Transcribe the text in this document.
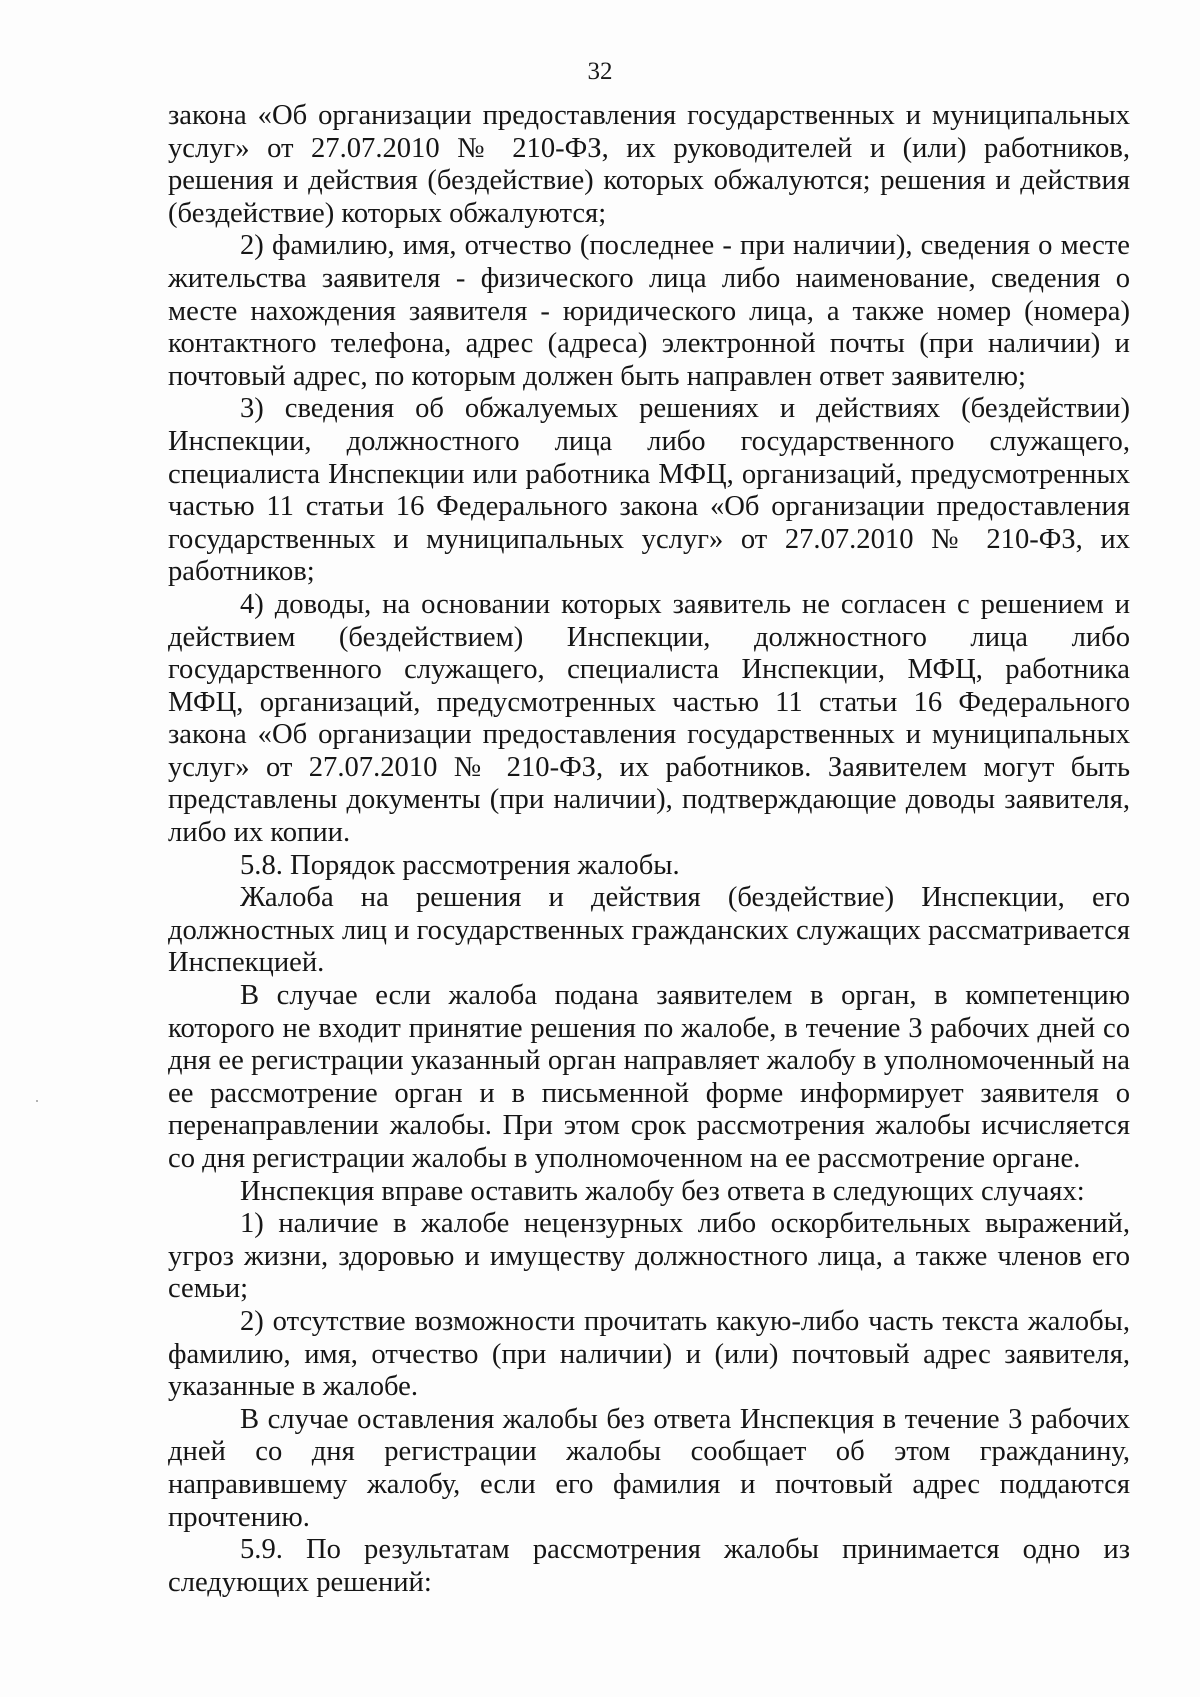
32

закона «Об организации предоставления государственных и муниципальных услуг» от 27.07.2010 № 210-ФЗ, их руководителей и (или) работников, решения и действия (бездействие) которых обжалуются; решения и действия (бездействие) которых обжалуются;

2) фамилию, имя, отчество (последнее - при наличии), сведения о месте жительства заявителя - физического лица либо наименование, сведения о месте нахождения заявителя - юридического лица, а также номер (номера) контактного телефона, адрес (адреса) электронной почты (при наличии) и почтовый адрес, по которым должен быть направлен ответ заявителю;

3) сведения об обжалуемых решениях и действиях (бездействии) Инспекции, должностного лица либо государственного служащего, специалиста Инспекции или работника МФЦ, организаций, предусмотренных частью 11 статьи 16 Федерального закона «Об организации предоставления государственных и муниципальных услуг» от 27.07.2010 № 210-ФЗ, их работников;

4) доводы, на основании которых заявитель не согласен с решением и действием (бездействием) Инспекции, должностного лица либо государственного служащего, специалиста Инспекции, МФЦ, работника МФЦ, организаций, предусмотренных частью 11 статьи 16 Федерального закона «Об организации предоставления государственных и муниципальных услуг» от 27.07.2010 № 210-ФЗ, их работников. Заявителем могут быть представлены документы (при наличии), подтверждающие доводы заявителя, либо их копии.

5.8. Порядок рассмотрения жалобы.

Жалоба на решения и действия (бездействие) Инспекции, его должностных лиц и государственных гражданских служащих рассматривается Инспекцией.

В случае если жалоба подана заявителем в орган, в компетенцию которого не входит принятие решения по жалобе, в течение 3 рабочих дней со дня ее регистрации указанный орган направляет жалобу в уполномоченный на ее рассмотрение орган и в письменной форме информирует заявителя о перенаправлении жалобы. При этом срок рассмотрения жалобы исчисляется со дня регистрации жалобы в уполномоченном на ее рассмотрение органе.

Инспекция вправе оставить жалобу без ответа в следующих случаях:

1) наличие в жалобе нецензурных либо оскорбительных выражений, угроз жизни, здоровью и имуществу должностного лица, а также членов его семьи;

2) отсутствие возможности прочитать какую-либо часть текста жалобы, фамилию, имя, отчество (при наличии) и (или) почтовый адрес заявителя, указанные в жалобе.

В случае оставления жалобы без ответа Инспекция в течение 3 рабочих дней со дня регистрации жалобы сообщает об этом гражданину, направившему жалобу, если его фамилия и почтовый адрес поддаются прочтению.

5.9. По результатам рассмотрения жалобы принимается одно из следующих решений:
